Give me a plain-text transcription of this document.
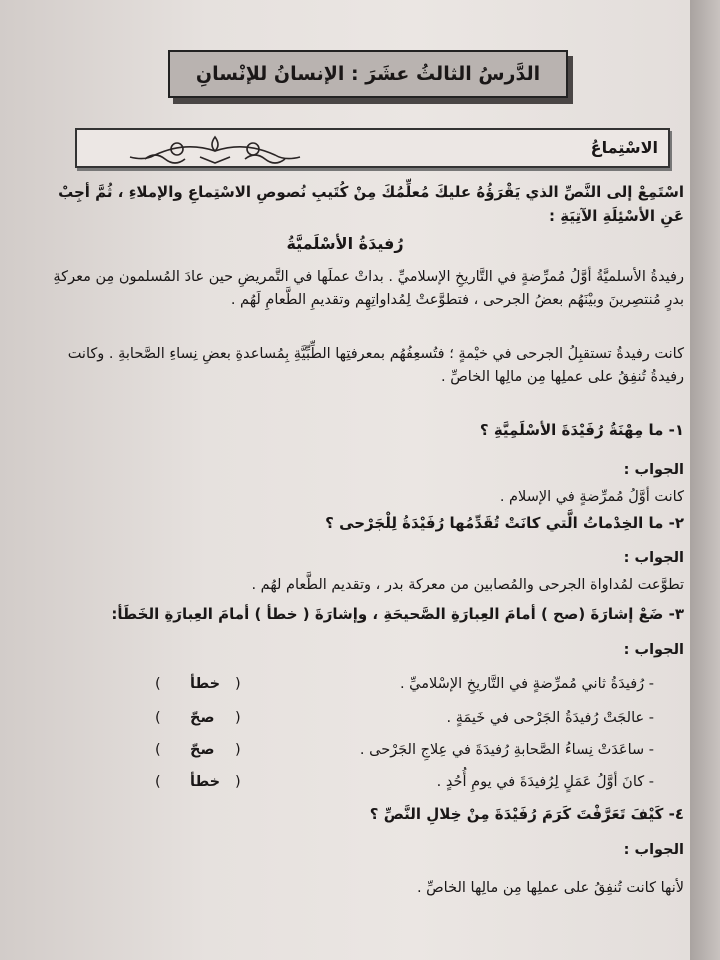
الدَّرسُ الثالثُ عشَرَ : الإنسانُ للإنْسانِ
الاسْتِماعُ
اسْتَمِعْ إلى النَّصِّ الذي يَقْرَؤُهُ عليكَ مُعلِّمُكَ مِنْ كُتَيبِ نُصوصِ الاسْتِماعِ والإملاءِ ، ثُمَّ أجِبْ عَنِ الأسْئِلَةِ الآتِيَةِ :
رُفيدَةُ الأسْلَميَّةُ
رفيدةُ الأسلميَّةُ أوَّلُ مُمرِّضةٍ في التَّاريخِ الإسلاميِّ . بداتْ عملَها في التَّمريضِ حين عادَ المُسلمون مِن معركةِ بدرٍ مُنتصِرينَ وبيْنَهُم بعضُ الجرحى ، فتطوَّعتْ لِمُداواتِهِم وتقديمِ الطَّعامِ لَهُم .
كانت رفيدةُ تستقبِلُ الجرحى في خيْمةٍ ؛ فتُسعِفُهُم بمعرفتِها الطِّبِّيَّةِ بِمُساعدةِ بعضِ نِساءِ الصَّحابةِ . وكانت رفيدةُ تُنفِقُ على عملِها مِن مالِها الخاصِّ .
١- ما مِهْنَةُ رُفَيْدَةَ الأسْلَمِيَّةِ ؟
الجواب :
كانت أوَّلُ مُمرِّضةٍ في الإسلام .
٢- ما الخِدْماتُ الَّتي كانَتْ تُقَدِّمُها رُفَيْدَةُ لِلْجَرْحى ؟
الجواب :
تطوَّعت لمُداواة الجرحى والمُصابين من معركة بدر ، وتقديم الطَّعام لهُم .
٣- ضَعْ إشارَةَ (صح ) أمامَ العِبارَةِ الصَّحيحَةِ ، وإشارَةَ ( خطأ ) أمامَ العِبارَةِ الخَطَأ:
الجواب :
- رُفيدَةُ ثاني مُمرِّضةٍ في التَّاريخِ الإسْلاميِّ .
(
خطأ
)
- عالجَتْ رُفيدَةُ الجَرْحى في خَيمَةٍ .
(
صحّ
)
- ساعَدَتْ نِساءُ الصَّحابةِ رُفيدَةَ في عِلاجِ الجَرْحى .
(
صحّ
)
- كانَ أوَّلُ عَمَلٍ لِرُفيدَةَ في يومِ أُحُدٍ .
(
خطأ
)
٤- كَيْفَ تَعَرَّفْتَ كَرَمَ رُفَيْدَةَ مِنْ خِلالِ النَّصِّ ؟
الجواب :
لأنها كانت تُنفِقُ على عملِها مِن مالِها الخاصِّ .
